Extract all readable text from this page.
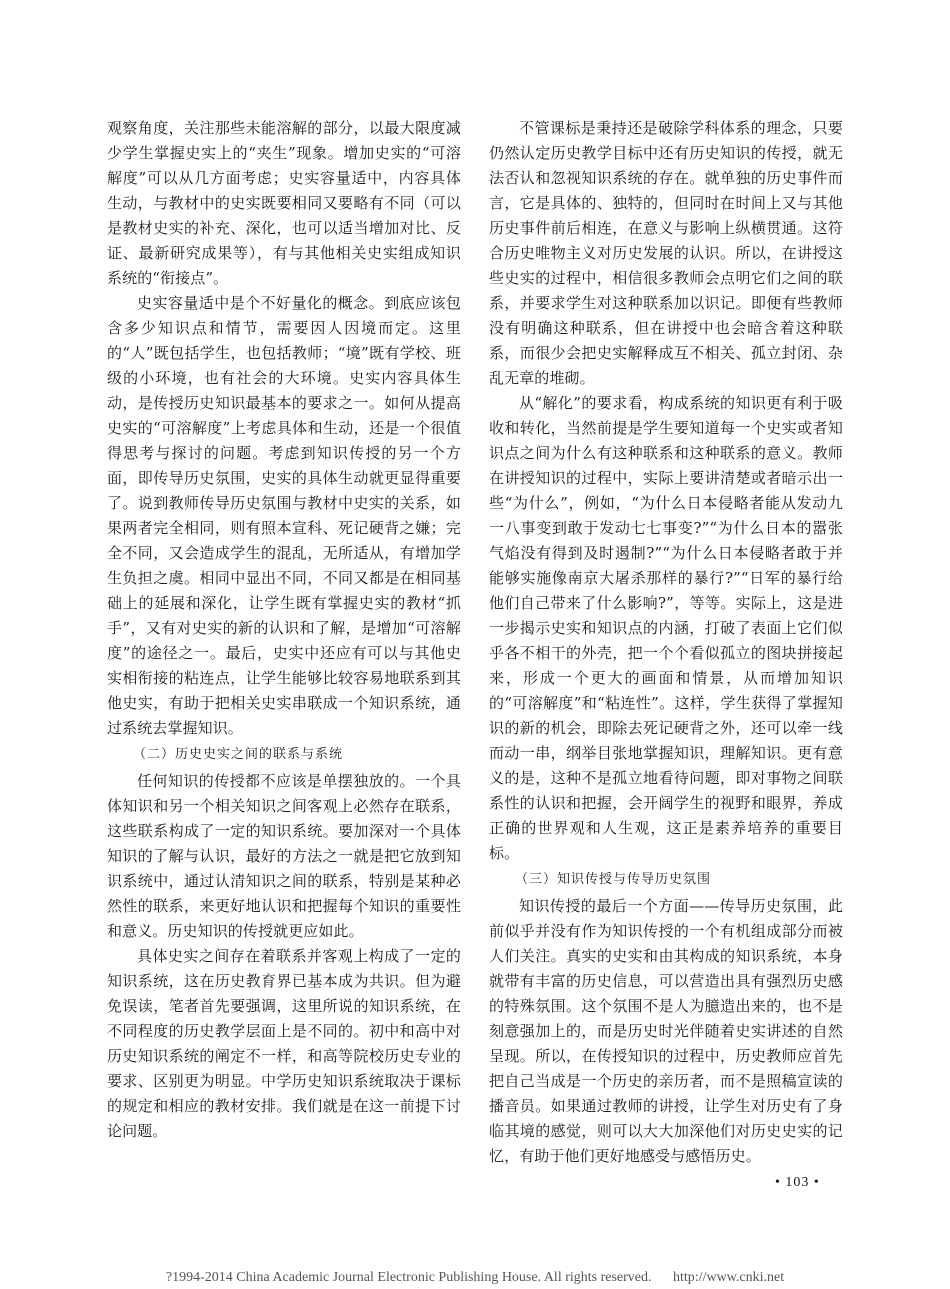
观察角度，关注那些未能溶解的部分，以最大限度减少学生掌握史实上的“夹生”现象。增加史实的“可溶解度”可以从几方面考虑；史实容量适中，内容具体生动，与教材中的史实既要相同又要略有不同（可以是教材史实的补充、深化，也可以适当增加对比、反证、最新研究成果等），有与其他相关史实组成知识系统的“衔接点”。

史实容量适中是个不好量化的概念。到底应该包含多少知识点和情节，需要因人因境而定。这里的“人”既包括学生，也包括教师；“境”既有学校、班级的小环境，也有社会的大环境。史实内容具体生动，是传授历史知识最基本的要求之一。如何从提高史实的“可溶解度”上考虑具体和生动，还是一个很值得思考与探讨的问题。考虑到知识传授的另一个方面，即传导历史氛围，史实的具体生动就更显得重要了。说到教师传导历史氛围与教材中史实的关系，如果两者完全相同，则有照本宣科、死记硬背之嫌；完全不同，又会造成学生的混乱，无所适从，有增加学生负担之虞。相同中显出不同，不同又都是在相同基础上的延展和深化，让学生既有掌握史实的教材“抓手”，又有对史实的新的认识和了解，是增加“可溶解度”的途径之一。最后，史实中还应有可以与其他史实相衔接的粘连点，让学生能够比较容易地联系到其他史实，有助于把相关史实串联成一个知识系统，通过系统去掌握知识。

（二）历史史实之间的联系与系统

任何知识的传授都不应该是单摆独放的。一个具体知识和另一个相关知识之间客观上必然存在联系，这些联系构成了一定的知识系统。要加深对一个具体知识的了解与认识，最好的方法之一就是把它放到知识系统中，通过认清知识之间的联系，特别是某种必然性的联系，来更好地认识和把握每个知识的重要性和意义。历史知识的传授就更应如此。

具体史实之间存在着联系并客观上构成了一定的知识系统，这在历史教育界已基本成为共识。但为避免误读，笔者首先要强调，这里所说的知识系统，在不同程度的历史教学层面上是不同的。初中和高中对历史知识系统的阐定不一样，和高等院校历史专业的要求、区别更为明显。中学历史知识系统取决于课标的规定和相应的教材安排。我们就是在这一前提下讨论问题。

不管课标是秉持还是破除学科体系的理念，只要仍然认定历史教学目标中还有历史知识的传授，就无法否认和忽视知识系统的存在。就单独的历史事件而言，它是具体的、独特的，但同时在时间上又与其他历史事件前后相连，在意义与影响上纵横贯通。这符合历史唯物主义对历史发展的认识。所以，在讲授这些史实的过程中，相信很多教师会点明它们之间的联系，并要求学生对这种联系加以识记。即便有些教师没有明确这种联系，但在讲授中也会暗含着这种联系，而很少会把史实解释成互不相关、孤立封闭、杂乱无章的堆砌。

从“解化”的要求看，构成系统的知识更有利于吸收和转化，当然前提是学生要知道每一个史实或者知识点之间为什么有这种联系和这种联系的意义。教师在讲授知识的过程中，实际上要讲清楚或者暗示出一些“为什么”，例如，“为什么日本侵略者能从发动九一八事变到敢于发动七七事变?”“为什么日本的嚣张气焰没有得到及时遏制?”“为什么日本侵略者敢于并能够实施像南京大屠杀那样的暴行?”“日军的暴行给他们自己带来了什么影响?”，等等。实际上，这是进一步揭示史实和知识点的内涵，打破了表面上它们似乎各不相干的外壳，把一个个看似孤立的图块拼接起来，形成一个更大的画面和情景，从而增加知识的“可溶解度”和“粘连性”。这样，学生获得了掌握知识的新的机会，即除去死记硬背之外，还可以牵一线而动一串，纲举目张地掌握知识，理解知识。更有意义的是，这种不是孤立地看待问题，即对事物之间联系性的认识和把握，会开阔学生的视野和眼界，养成正确的世界观和人生观，这正是素养培养的重要目标。

（三）知识传授与传导历史氛围

知识传授的最后一个方面——传导历史氛围，此前似乎并没有作为知识传授的一个有机组成部分而被人们关注。真实的史实和由其构成的知识系统，本身就带有丰富的历史信息，可以营造出具有强烈历史感的特殊氛围。这个氛围不是人为臆造出来的，也不是刻意强加上的，而是历史时光伴随着史实讲述的自然呈现。所以，在传授知识的过程中，历史教师应首先把自己当成是一个历史的亲历者，而不是照稿宣读的播音员。如果通过教师的讲授，让学生对历史有了身临其境的感觉，则可以大大加深他们对历史史实的记忆，有助于他们更好地感受与感悟历史。

• 103 •
?1994-2014 China Academic Journal Electronic Publishing House. All rights reserved. http://www.cnki.net
